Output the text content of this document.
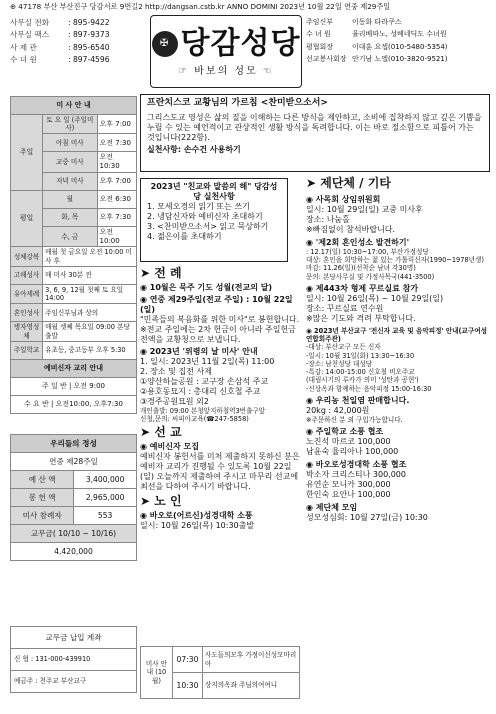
⊕ 47178 부산 부산진구 당감서로 9번길2 http://dangsan.cstb.kr ANNO DOMINI 2023년 10월 22일 연중 제29주일
사무실 전화	: 895-9422
사무실 팩스	: 897-9373
사 제 관	: 895-6540
수 녀 원	: 897-4596
✠ 당감성당
☞ 바보의 성모 ☜
주임신부	이동화 타라쿠스
수 녀 원	율리베따노, 성베네딕도 수녀원
평협회장	이대훈 요셉(010-5480-5354)
선교봉사회장 안기남 노엘(010-3820-9521)
미 사 안 내		
주일	토 요 일 (주일미사)	오후 7:00
	아침 미사	오전 7:30
	교중 미사	오전 10:30
	저녁 미사	오후 7:00
평일	월	오전 6:30
	화, 목	오후 7:30
	수, 금	오전 10:00
성체강복	매월 첫 금요일 오전 10:00 미사 후	
고해성사	매 미사 30분 전	
유아세례	3, 6, 9, 12월 첫째 토 요일 14:00	
혼인성사	주임신부님과 상의	
병자영성체	매월 셋째 목요일 09:00 본당 출발	
주일학교	유초등, 중고등부 오후 5:30	
예비신자 교리 안내		
주 일 반 | 오전 9:00		
수 요 반 | 오전10:00, 오후7:30		
우리들의 정성	
연중 제28주일	
예 산 액	3,400,000
봉 헌 액	2,965,000
미사 참례자	553
교무금( 10/10 ~ 10/16)	
4,420,000	
교무금 납입 계좌
신 협 : 131-000-439910
예금주 : 천주교 부산교구
프란치스코 교황님의 가르침 <찬미받으소서>
그리스도교 영성은 삶의 질을 이해하는 다른 방식을 제안하고, 소비에 집착하지 않고 깊은 기쁨을 누릴 수 있는 예언적이고 관상적인 생활 방식을 독려합니다. 이는 바로 절소함으로 피틀어 가는 것입니다(222항).
실천사항: 손수건 사용하기
2023년 "친교와 말씀의 해" 당감성당 실천사항
1. 모세오경의 읽기 또는 쓰기
2. 냉담신자와 예비신자 초대하기
3. <찬미받으소서> 읽고 묵상하기
4. 젊은이를 초대하기
➤ 전 례
◉ 10월은 묵주 기도 성월(전교의 달)
◉ 연중 제29주일(전교 주일) : 10월 22일(일)
"민족들의 복음화를 위한 미사"로 봉헌합니다.
※전교 주일에는 2차 헌금이 아니라 주일헌금 전액을 교황청으로 보냅니다.
◉ 2023년 '위령의 날 미사' 안내
1. 일시: 2023년 11월 2일(목) 11:00
2. 장소 및 집전 사제
①양산하늘공원 : 교구장 손삼석 주교
②용호동묘지 : 총대리 신호철 주교
③경주공원묘원 외2
개인출발: 09:00 본청앞지하철역3번출구앞
신청,문의: 씨피아교육(☎247-5858)
➤ 선 교
◉ 예비신자 모집
예비신자 봉헌서를 미처 제출하지 못하신 분은 예비자 교리가 진행될 수 있도록 10월 22일(일) 오늘까지 제출하여 주시고 마무리 선교에 최선을 다하여 주시기 바랍니다.
➤ 노 인
◉ 바오로(어르신)성경대학 소풍
일시: 10월 26일(목) 10:30출발
미사 안내 (10월)	07:30	사도들의모후 가정이신성모마리아
	10:30	상지의옥좌 주님의여여니
➤ 제단체 / 기타
◉ 사목회 상임위원회
일시: 10월 29일(일) 교중 미사후
장소: 나눔홀
※빠짐없이 참석바랍니다.
◉ '제2회 혼인성소 발견하기'
: 12.17(일) 10:30~17:00, 부산가정성당
대상: 혼인을 희망하는 젊 있는 가톨릭신자(1990~1978년생)
마감: 11.26(일)(선착순 남녀 각30명)
문의: 본당사무실 및 가정사목국(441-3500)
◉ 제443차 형제 꾸르실료 참가
일시: 10월 26일(목) ~ 10월 29일(일)
장소: 꾸르실료 연수원
※많은 기도와 격려 부탁합니다.
◉ 2023년 부산교구 '전신자 교육 및 음악피정' 안내(교구여성연합회주관)
-대상: 부산교구 모든 신자
-일시: 10월 31일(화) 13:30~16:30
-장소: 남천성당 대성당
-특강: 14:00-15:00 신호철 비오주교
(대림시기의 루카가 의미 '성탄과 공현')
-신상옥과 함께하는 음악피정 15:00-16:30
◉ 우리농 천일염 판매합니다.
20kg : 42,000원
※주문하신 분 외 구입가능합니다.
◉ 주일학교 소풍 협조
노진석 마르코 100,000
남윤숙 율리아나 100,000
◉ 바오로성경대학 소풍 협조
박소자 크리스티나 300,000
유연순 모니카 300,000
한인숙 요안나 100,000
◉ 제단체 모임
성모성심회: 10월 27일(금) 10:30
